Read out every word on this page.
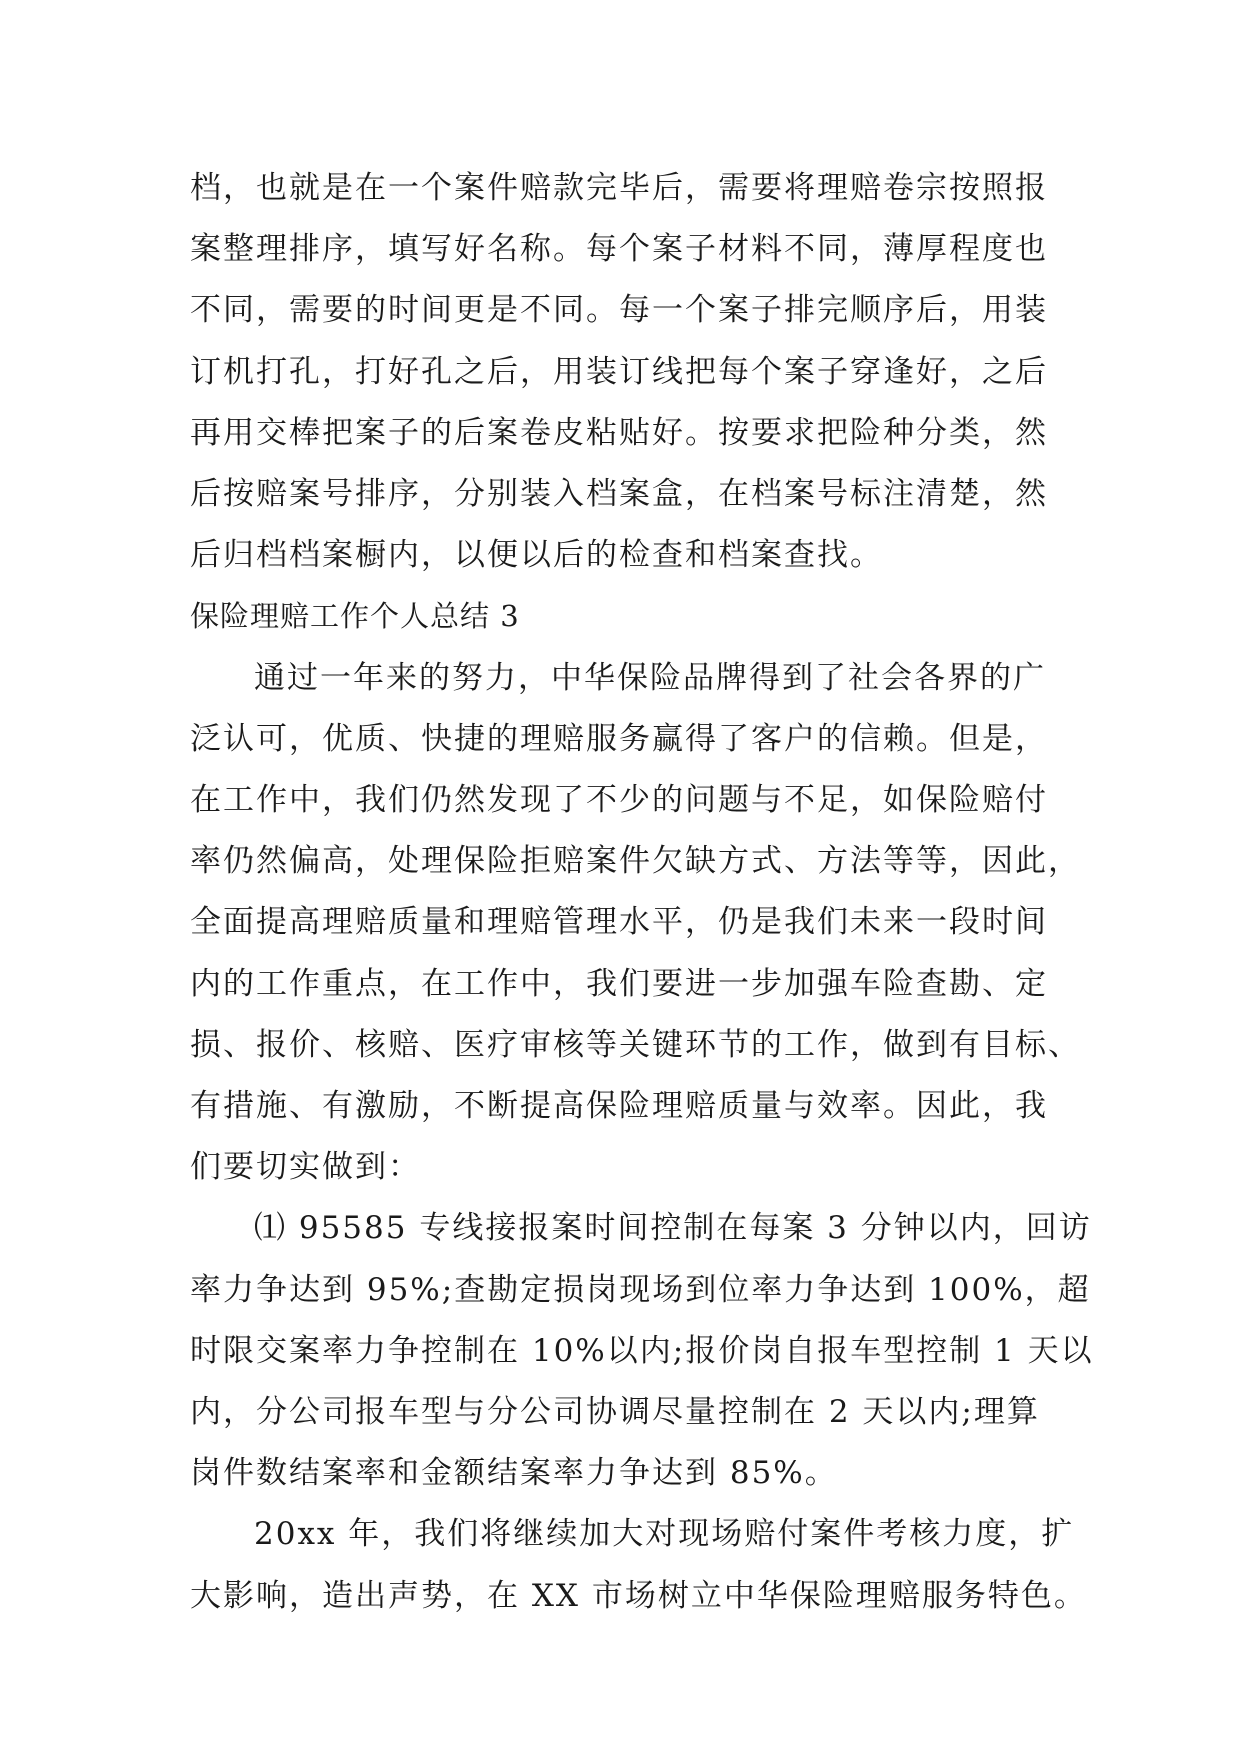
档，也就是在一个案件赔款完毕后，需要将理赔卷宗按照报
案整理排序，填写好名称。每个案子材料不同，薄厚程度也
不同，需要的时间更是不同。每一个案子排完顺序后，用装
订机打孔，打好孔之后，用装订线把每个案子穿逢好，之后
再用交棒把案子的后案卷皮粘贴好。按要求把险种分类，然
后按赔案号排序，分别装入档案盒，在档案号标注清楚，然
后归档档案橱内，以便以后的检查和档案查找。
保险理赔工作个人总结 3
通过一年来的努力，中华保险品牌得到了社会各界的广
泛认可，优质、快捷的理赔服务赢得了客户的信赖。但是，
在工作中，我们仍然发现了不少的问题与不足，如保险赔付
率仍然偏高，处理保险拒赔案件欠缺方式、方法等等，因此，
全面提高理赔质量和理赔管理水平，仍是我们未来一段时间
内的工作重点，在工作中，我们要进一步加强车险查勘、定
损、报价、核赔、医疗审核等关键环节的工作，做到有目标、
有措施、有激励，不断提高保险理赔质量与效率。因此，我
们要切实做到：
⑴ 95585 专线接报案时间控制在每案 3 分钟以内，回访
率力争达到 95%;查勘定损岗现场到位率力争达到 100%，超
时限交案率力争控制在 10%以内;报价岗自报车型控制 1 天以
内，分公司报车型与分公司协调尽量控制在 2 天以内;理算
岗件数结案率和金额结案率力争达到 85%。
20xx 年，我们将继续加大对现场赔付案件考核力度，扩
大影响，造出声势，在 XX 市场树立中华保险理赔服务特色。
